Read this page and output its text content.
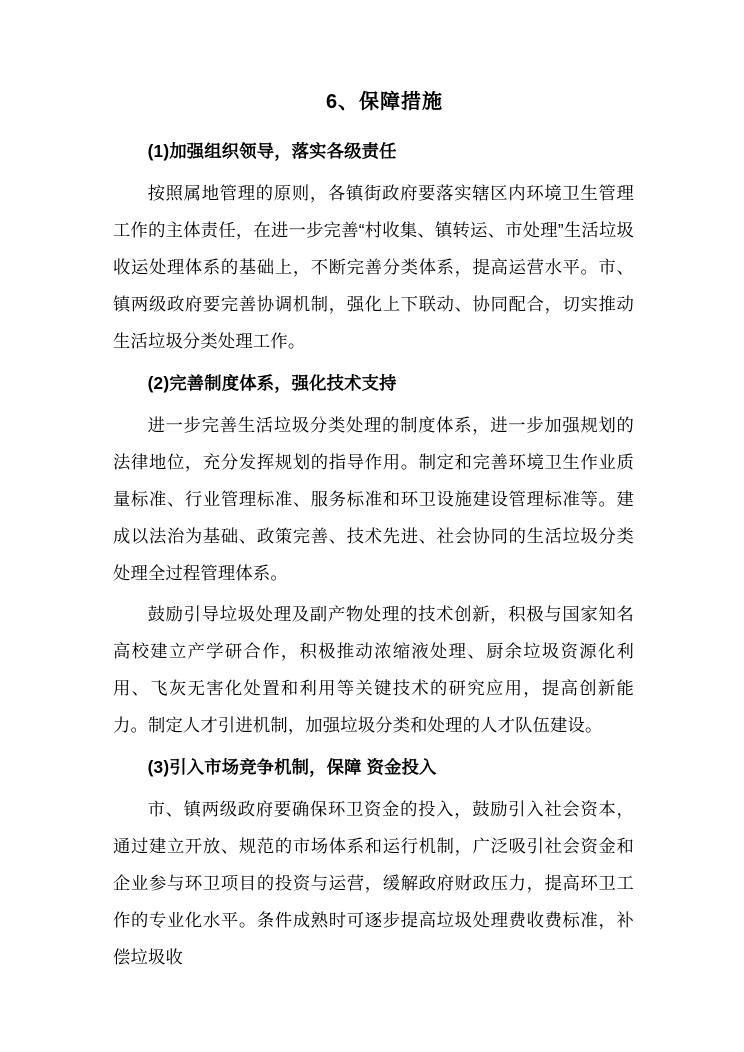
6、保障措施
(1)加强组织领导，落实各级责任

按照属地管理的原则，各镇街政府要落实辖区内环境卫生管理工作的主体责任，在进一步完善“村收集、镇转运、市处理”生活垃圾收运处理体系的基础上，不断完善分类体系，提高运营水平。市、镇两级政府要完善协调机制，强化上下联动、协同配合，切实推动生活垃圾分类处理工作。

(2)完善制度体系，强化技术支持

进一步完善生活垃圾分类处理的制度体系，进一步加强规划的法律地位，充分发挥规划的指导作用。制定和完善环境卫生作业质量标准、行业管理标准、服务标准和环卫设施建设管理标准等。建成以法治为基础、政策完善、技术先进、社会协同的生活垃圾分类处理全过程管理体系。

鼓励引导垃圾处理及副产物处理的技术创新，积极与国家知名高校建立产学研合作，积极推动浓缩液处理、厨余垃圾资源化利用、飞灰无害化处置和利用等关键技术的研究应用，提高创新能力。制定人才引进机制，加强垃圾分类和处理的人才队伍建设。

(3)引入市场竞争机制，保障 资金投入

市、镇两级政府要确保环卫资金的投入，鼓励引入社会资本，通过建立开放、规范的市场体系和运行机制，广泛吸引社会资金和企业参与环卫项目的投资与运营，缓解政府财政压力，提高环卫工作的专业化水平。条件成熟时可逐步提高垃圾处理费收费标准，补偿垃圾收
